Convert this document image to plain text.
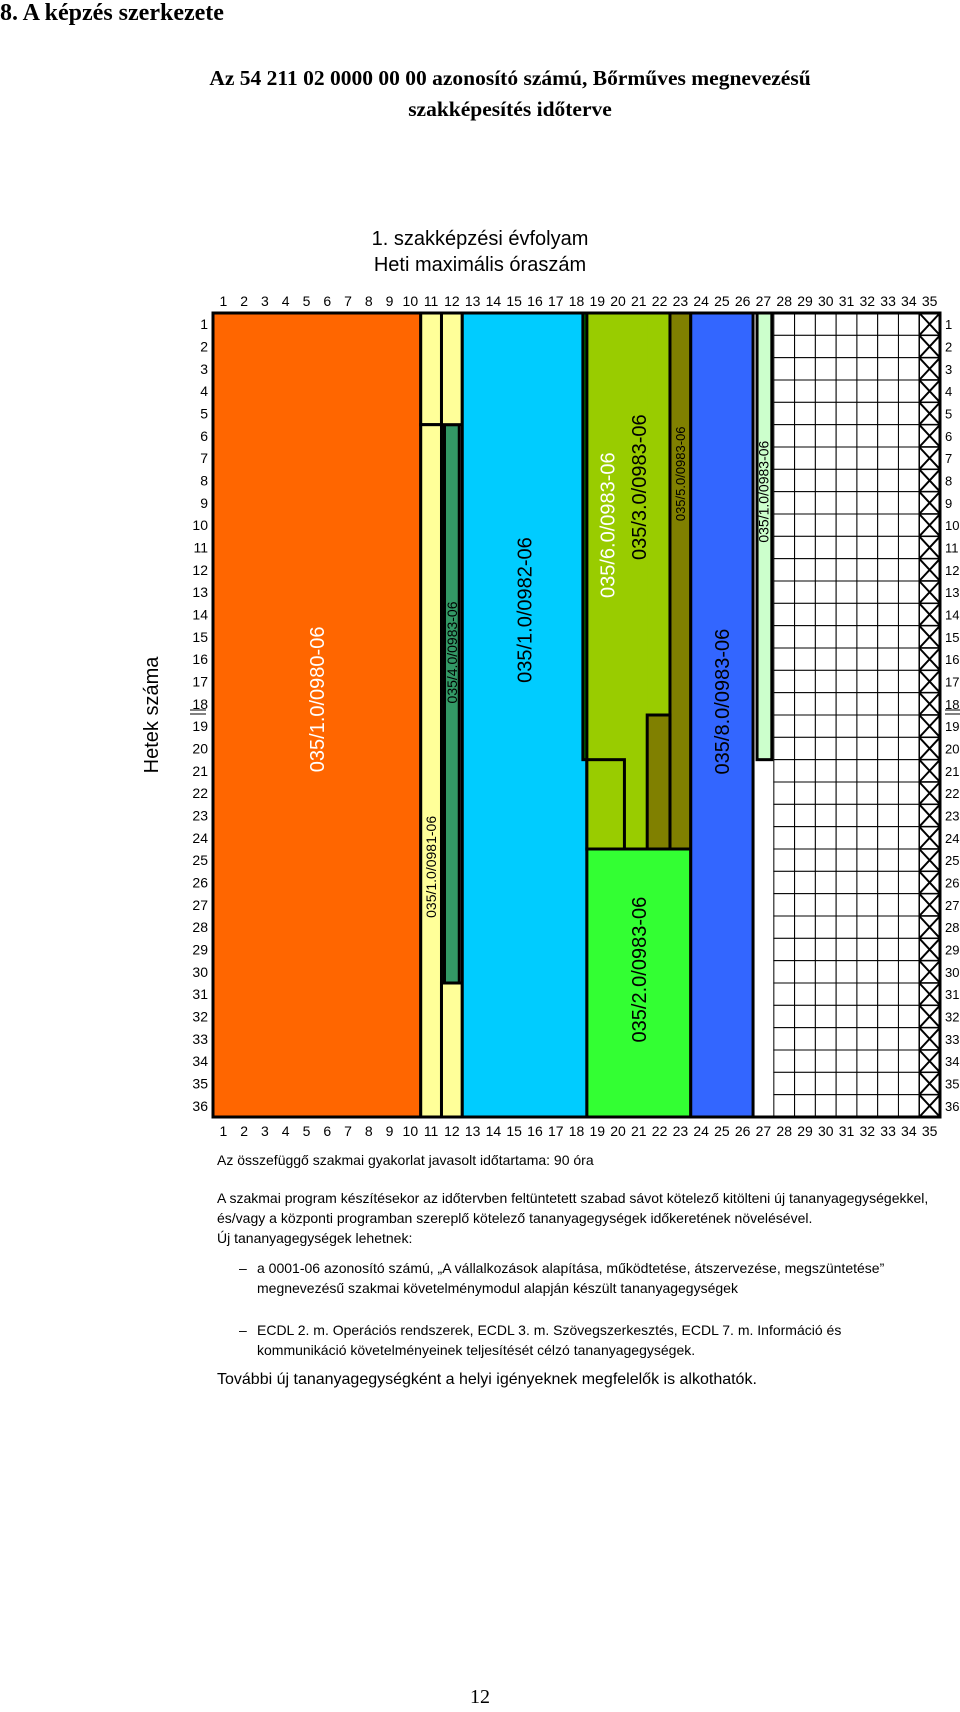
8. A képzés szerkezete
Az 54 211 02 0000 00 00 azonosító számú, Bőrműves megnevezésű
szakképesítés időterve
1. szakképzési évfolyam
Heti maximális óraszám
035/1.0/0980-06
035/1.0/0981-06
035/4.0/0983-06	035/1.0/0982-06
035/6.0/0983-06 035/3.0/0983-06 035/5.0/0983-06
035/2.0/0983-06
035/8.0/0983-06
035/1.0/0983-06
1
1
2
2
3
3
4
4
5
5
6
6
7
7
8
8
9
9
10
10
11
11
12
12
13
13
14
14
15
15
16
16
17
17
18
18
19
19
20
20
21
21
22
22
23
23
24
24
25
25
26
26
27
27
28
28
29
29
30
30
31
31
32
32
33
33
34
34
35
35
1	1
2	2
3	3
4	4
5	5
6	6
7	7
8	8
9	9
10	10
11	11
12	12
13	13
14	14
15	15
16	16
17	17
18	18
19	19
20	20
21	21
22	22
23	23
24	24
25	25
26	26
27	27
28	28
29	29
30	30
31	31
32	32
33	33
34	34
35	35
36	36
Hetek száma

Az összefüggő szakmai gyakorlat javasolt időtartama: 90 óra

A szakmai program készítésekor az időtervben feltüntetett szabad sávot kötelező kitölteni új tananyagegységekkel, és/vagy a központi programban szereplő kötelező tananyagegységek időkeretének növelésével.

Új tananyagegységek lehetnek:

– a 0001-06 azonosító számú, „A vállalkozások alapítása, működtetése, átszervezése, megszüntetése” megnevezésű szakmai követelménymodul alapján készült tananyagegységek
– ECDL 2. m. Operációs rendszerek, ECDL 3. m. Szövegszerkesztés, ECDL 7. m. Információ és kommunikáció követelményeinek teljesítését célzó tananyagegységek.

További új tananyagegységként a helyi igényeknek megfelelők is alkothatók.

12
